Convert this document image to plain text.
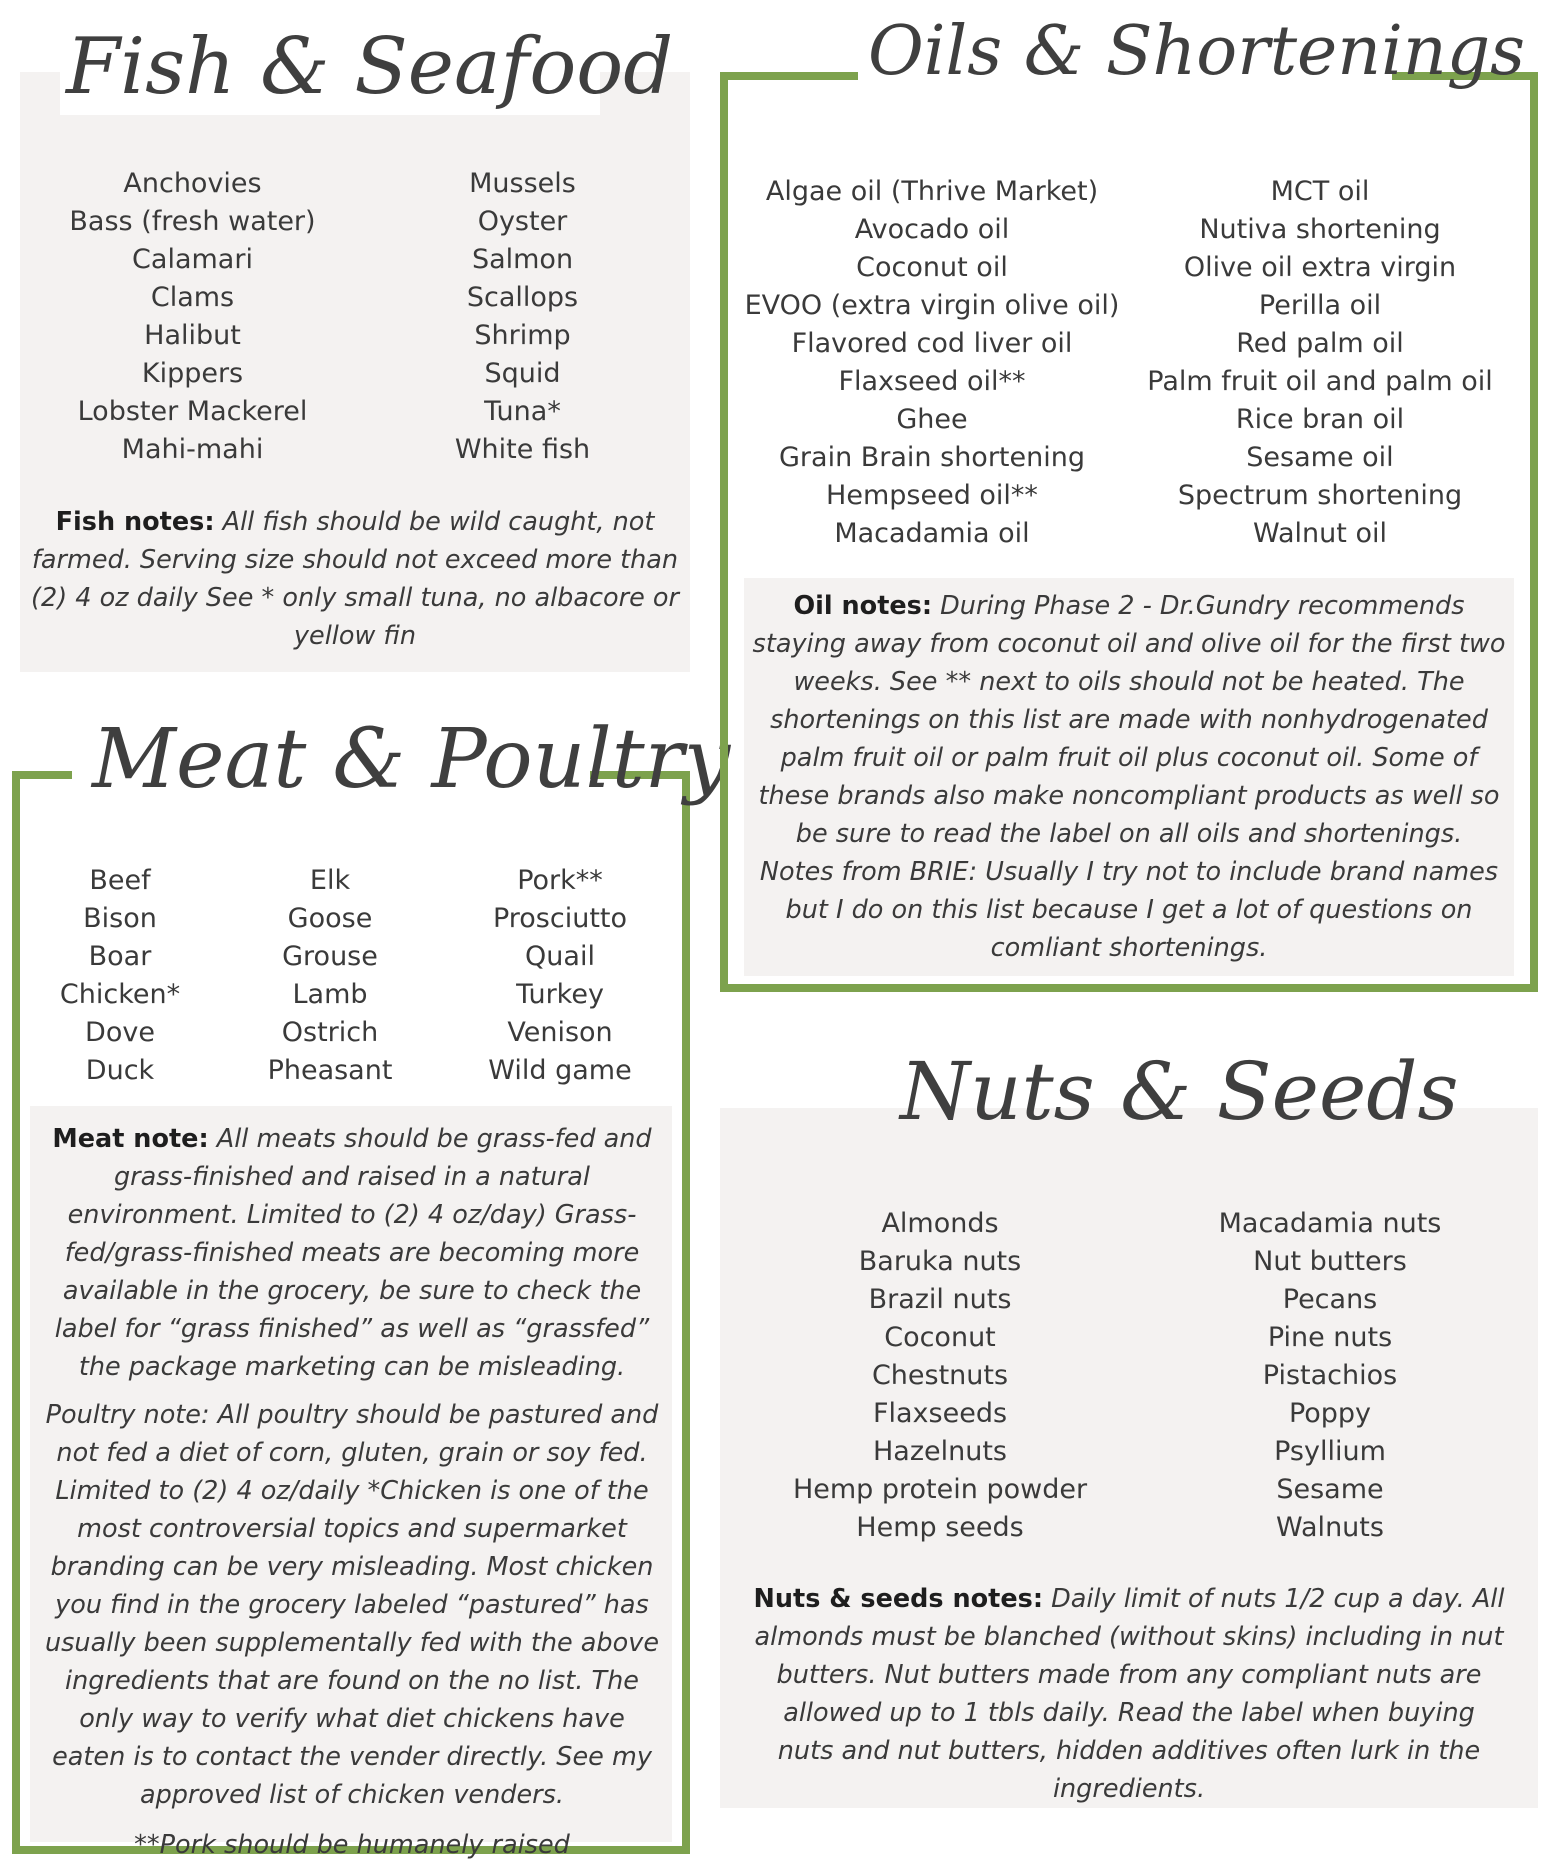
Fish & Seafood
Anchovies
Bass (fresh water)
Calamari
Clams
Halibut
Kippers
Lobster Mackerel
Mahi-mahi
Mussels
Oyster
Salmon
Scallops
Shrimp
Squid
Tuna*
White fish

Fish notes: All fish should be wild caught, not farmed. Serving size should not exceed more than (2) 4 oz daily See * only small tuna, no albacore or yellow fin

Meat & Poultry
Beef
Bison
Boar
Chicken*
Dove
Duck
Elk
Goose
Grouse
Lamb
Ostrich
Pheasant
Pork**
Prosciutto
Quail
Turkey
Venison
Wild game

Meat note: All meats should be grass-fed and grass-finished and raised in a natural environment. Limited to (2) 4 oz/day) Grass-fed/grass-finished meats are becoming more available in the grocery, be sure to check the label for “grass finished” as well as “grassfed” the package marketing can be misleading.

Poultry note: All poultry should be pastured and not fed a diet of corn, gluten, grain or soy fed. Limited to (2) 4 oz/daily *Chicken is one of the most controversial topics and supermarket branding can be very misleading. Most chicken you find in the grocery labeled “pastured” has usually been supplementally fed with the above ingredients that are found on the no list. The only way to verify what diet chickens have eaten is to contact the vender directly. See my approved list of chicken venders.

**Pork should be humanely raised

Oils & Shortenings
Algae oil (Thrive Market)
Avocado oil
Coconut oil
EVOO (extra virgin olive oil)
Flavored cod liver oil
Flaxseed oil**
Ghee
Grain Brain shortening
Hempseed oil**
Macadamia oil
MCT oil
Nutiva shortening
Olive oil extra virgin
Perilla oil
Red palm oil
Palm fruit oil and palm oil
Rice bran oil
Sesame oil
Spectrum shortening
Walnut oil

Oil notes: During Phase 2 - Dr.Gundry recommends staying away from coconut oil and olive oil for the first two weeks. See ** next to oils should not be heated. The shortenings on this list are made with nonhydrogenated palm fruit oil or palm fruit oil plus coconut oil. Some of these brands also make noncompliant products as well so be sure to read the label on all oils and shortenings.

Notes from BRIE: Usually I try not to include brand names but I do on this list because I get a lot of questions on comliant shortenings.

Nuts & Seeds
Almonds
Baruka nuts
Brazil nuts
Coconut
Chestnuts
Flaxseeds
Hazelnuts
Hemp protein powder
Hemp seeds
Macadamia nuts
Nut butters
Pecans
Pine nuts
Pistachios
Poppy
Psyllium
Sesame
Walnuts

Nuts & seeds notes: Daily limit of nuts 1/2 cup a day. All almonds must be blanched (without skins) including in nut butters. Nut butters made from any compliant nuts are allowed up to 1 tbls daily. Read the label when buying nuts and nut butters, hidden additives often lurk in the ingredients.
